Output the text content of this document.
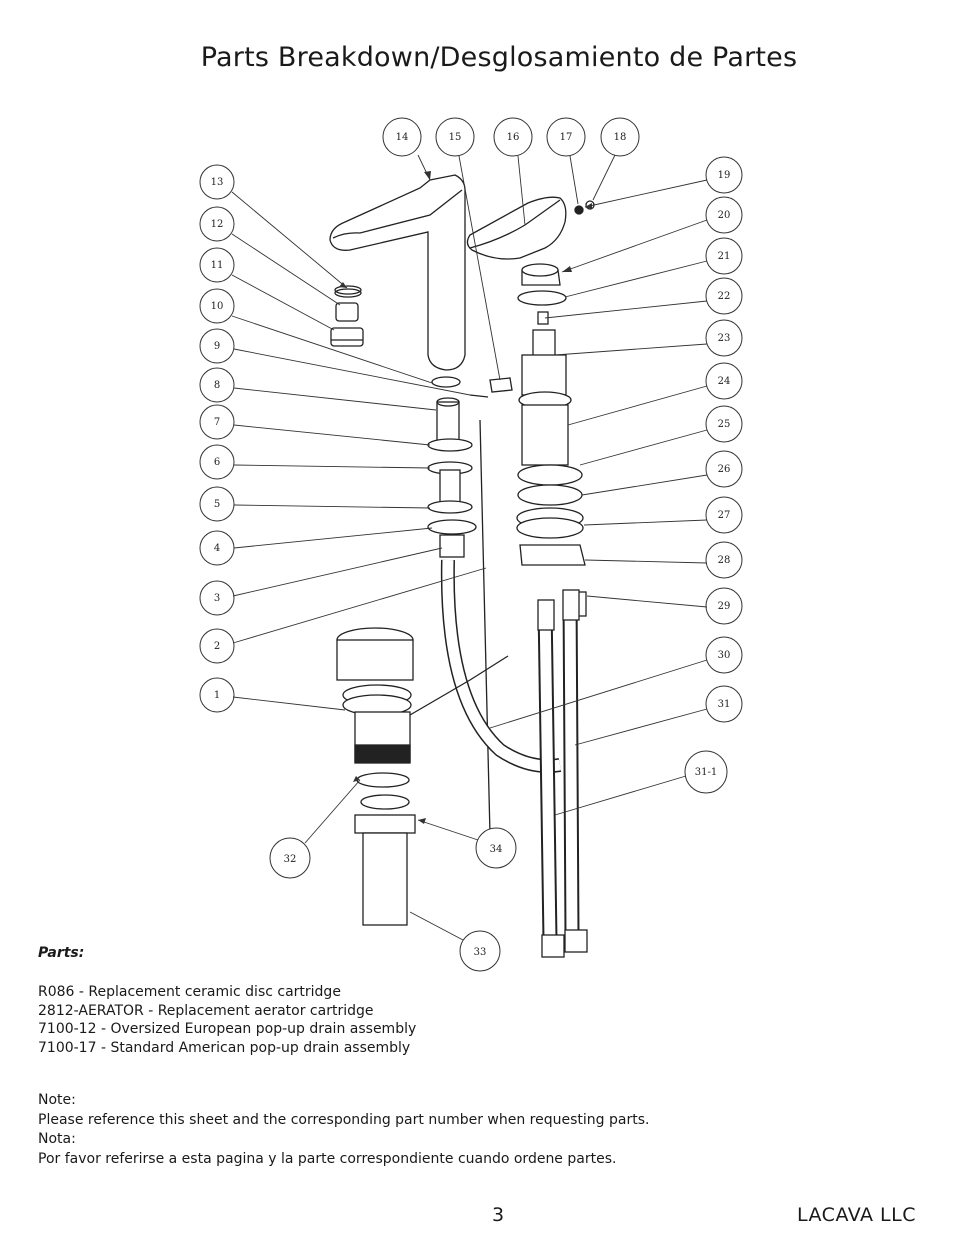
Parts Breakdown/Desglosamiento de Partes
14	15	16	17	18
13
12
11
10
9
8
7
6
5
4
3
2
1
19
20
21
22
23
24
25
26
27
28
29
30
31
31-1
32
34
33
Parts:
R086 - Replacement ceramic disc cartridge
2812-AERATOR - Replacement aerator cartridge
7100-12 - Oversized European pop-up drain assembly
7100-17 - Standard American pop-up drain assembly
Note:
Please reference this sheet and the corresponding part number when requesting parts.
Nota:
Por favor referirse a esta pagina y la parte correspondiente cuando ordene partes.
3	LACAVA LLC
